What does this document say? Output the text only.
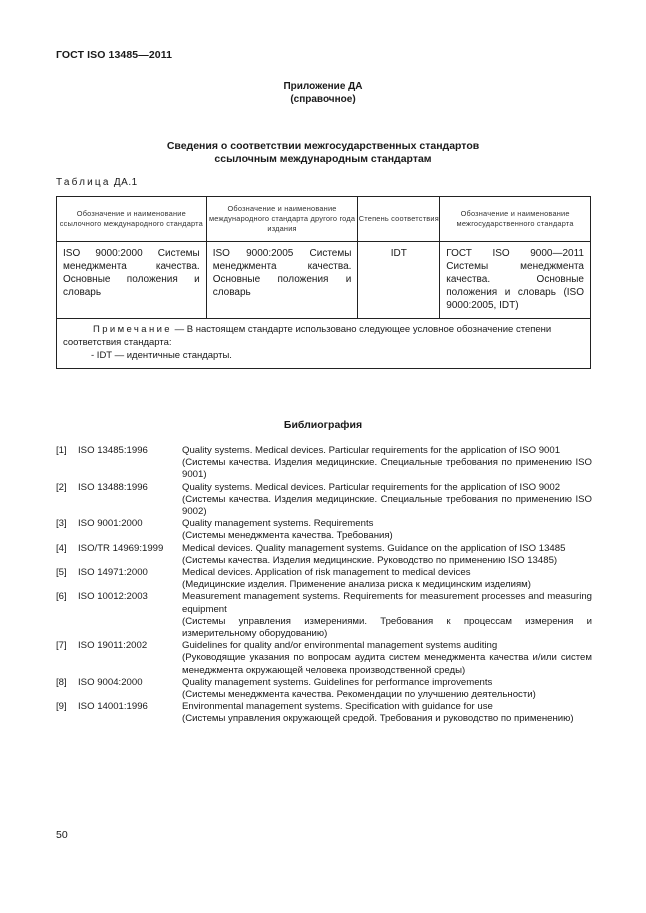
ГОСТ ISO 13485—2011
Приложение ДА
(справочное)
Сведения о соответствии межгосударственных стандартов
ссылочным международным стандартам
Таблица ДА.1
Обозначение и наименование ссылочного международного стандарта	Обозначение и наименование международного стандарта другого года издания	Степень соответствия	Обозначение и наименование межгосударственного стандарта
ISO 9000:2000 Системы менеджмента качества. Основные положения и словарь	ISO 9000:2005 Системы менеджмента качества. Основные положения и словарь	IDT	ГОСТ ISO 9000—2011 Системы менеджмента качества. Основные положения и словарь (ISO 9000:2005, IDT)

Примечание — В настоящем стандарте использовано следующее условное обозначение степени соответствия стандарта:
- IDT — идентичные стандарты.			
Библиография
[1]	ISO 13485:1996	Quality systems. Medical devices. Particular requirements for the application of ISO 9001
(Системы качества. Изделия медицинские. Специальные требования по применению ISO 9001)
[2]	ISO 13488:1996	Quality systems. Medical devices. Particular requirements for the application of ISO 9002
(Системы качества. Изделия медицинские. Специальные требования по применению ISO 9002)
[3]	ISO 9001:2000	Quality management systems. Requirements
(Системы менеджмента качества. Требования)
[4]	ISO/TR 14969:1999	Medical devices. Quality management systems. Guidance on the application of ISO 13485
(Системы качества. Изделия медицинские. Руководство по применению ISO 13485)
[5]	ISO 14971:2000	Medical devices. Application of risk management to medical devices
(Медицинские изделия. Применение анализа риска к медицинским изделиям)
[6]	ISO 10012:2003	Measurement management systems. Requirements for measurement processes and measuring equipment
(Системы управления измерениями. Требования к процессам измерения и измерительному оборудованию)
[7]	ISO 19011:2002	Guidelines for quality and/or environmental management systems auditing
(Руководящие указания по вопросам аудита систем менеджмента качества и/или систем менеджмента окружающей человека производственной среды)
[8]	ISO 9004:2000	Quality management systems. Guidelines for performance improvements
(Системы менеджмента качества. Рекомендации по улучшению деятельности)
[9]	ISO 14001:1996	Environmental management systems. Specification with guidance for use
(Системы управления окружающей средой. Требования и руководство по применению)
50
